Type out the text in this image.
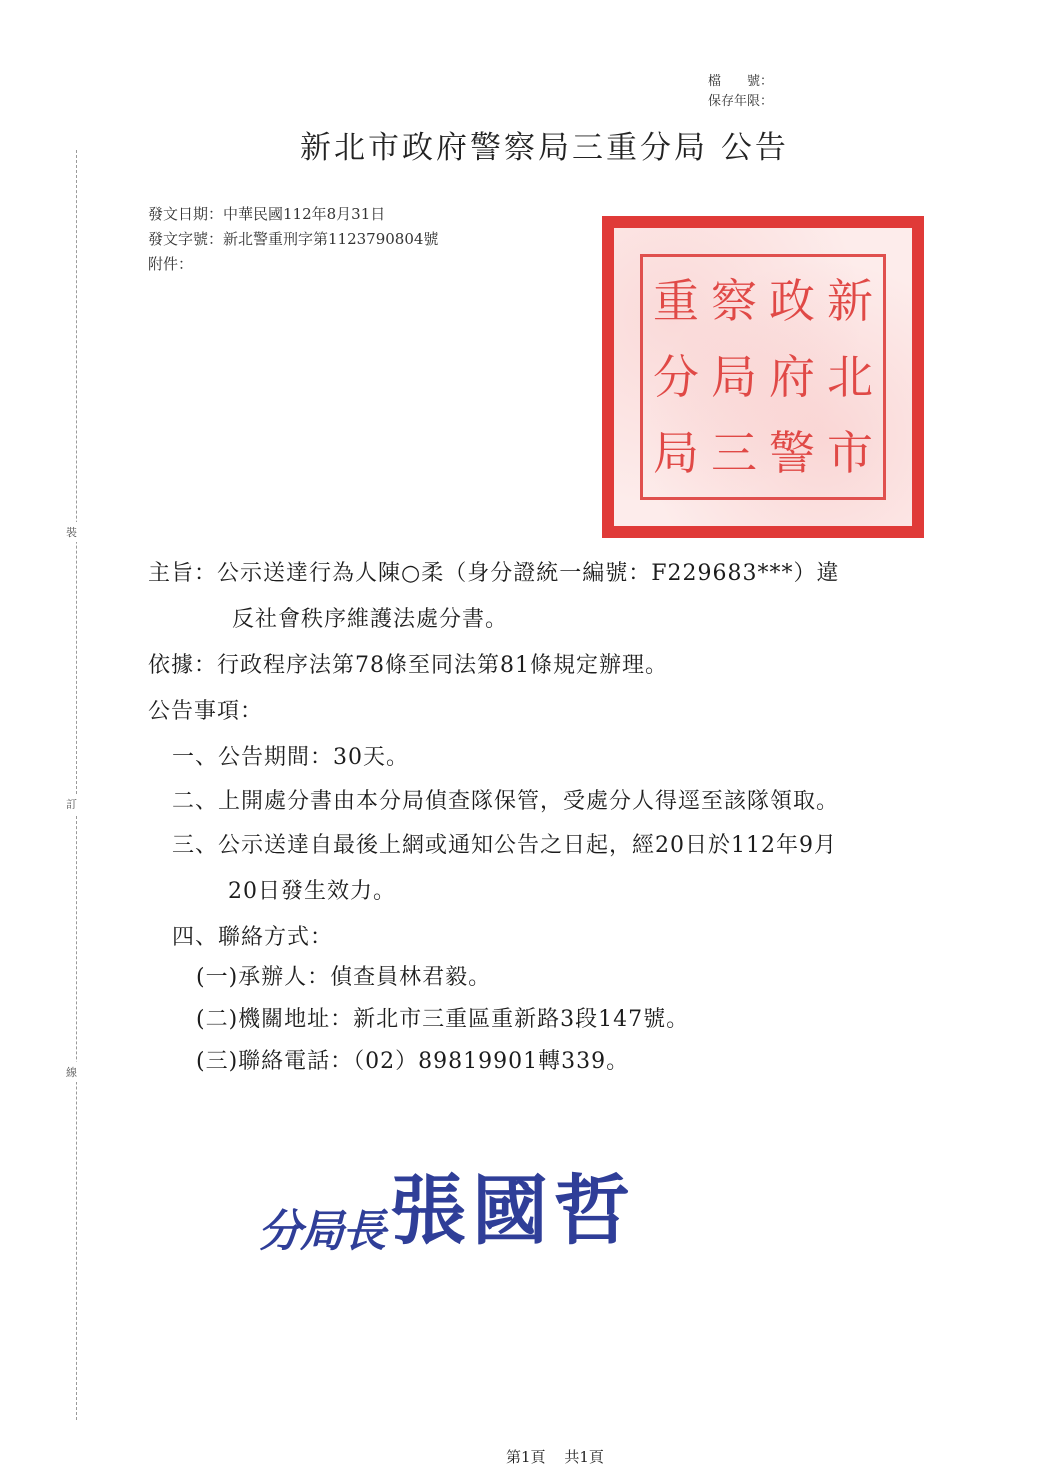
檔　　號：
保存年限：
新北市政府警察局三重分局 公告
裝
訂
線
發文日期：中華民國112年8月31日
發文字號：新北警重刑字第1123790804號
附件：
新
北
市
政
府
警
察
局
三
重
分
局
主旨：公示送達行為人陳○柔（身分證統一編號：F229683***）違
反社會秩序維護法處分書。
依據：行政程序法第78條至同法第81條規定辦理。
公告事項：
一、公告期間：30天。
二、上開處分書由本分局偵查隊保管，受處分人得逕至該隊領取。
三、公示送達自最後上網或通知公告之日起，經20日於112年9月
20日發生效力。
四、聯絡方式：
(一)承辦人：偵查員林君毅。
(二)機關地址：新北市三重區重新路3段147號。
(三)聯絡電話：（02）89819901轉339。
分局長張國哲
第1頁 共1頁
